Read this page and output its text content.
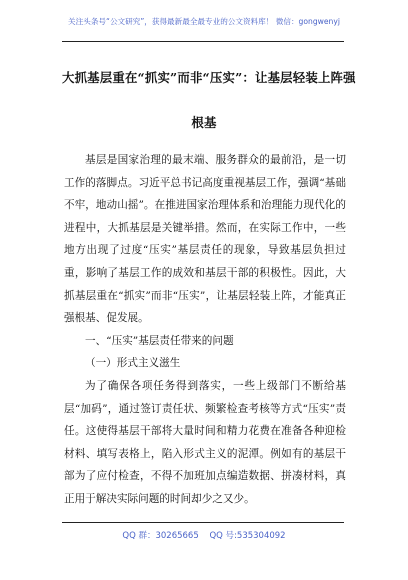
关注头条号“公文研究”，获得最新最全最专业的公文资料库！ 微信：gongwenyj
大抓基层重在“抓实”而非“压实”：让基层轻装上阵强
根基

基层是国家治理的最末端、服务群众的最前沿，是一切工作的落脚点。习近平总书记高度重视基层工作，强调“基础不牢，地动山摇”。在推进国家治理体系和治理能力现代化的进程中，大抓基层是关键举措。然而，在实际工作中，一些地方出现了过度“压实”基层责任的现象，导致基层负担过重，影响了基层工作的成效和基层干部的积极性。因此，大抓基层重在“抓实”而非“压实”，让基层轻装上阵，才能真正强根基、促发展。

一、“压实”基层责任带来的问题

（一）形式主义滋生

为了确保各项任务得到落实，一些上级部门不断给基层“加码”，通过签订责任状、频繁检查考核等方式“压实”责任。这使得基层干部将大量时间和精力花费在准备各种迎检材料、填写表格上，陷入形式主义的泥潭。例如有的基层干部为了应付检查，不得不加班加点编造数据、拼凑材料，真正用于解决实际问题的时间却少之又少。

QQ 群：30265665 QQ 号:535304092
